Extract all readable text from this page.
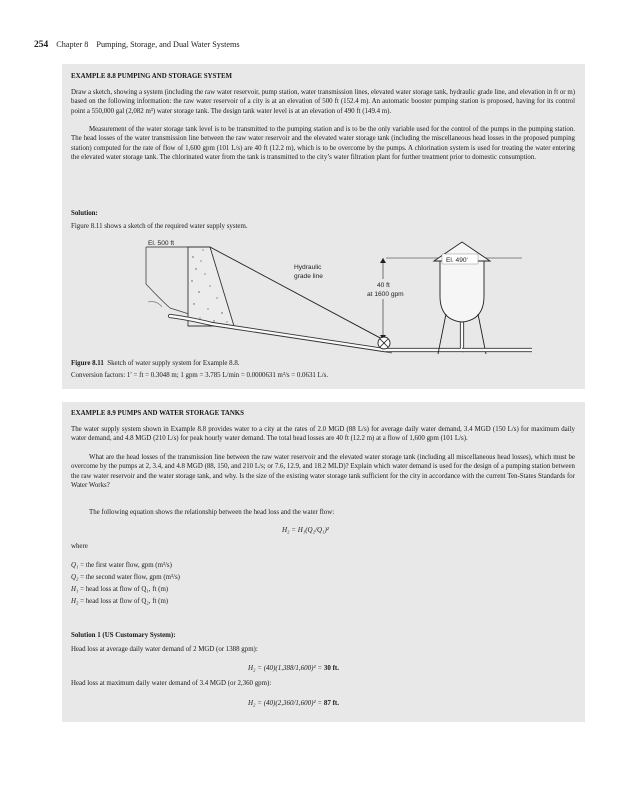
254 Chapter 8 Pumping, Storage, and Dual Water Systems
EXAMPLE 8.8 PUMPING AND STORAGE SYSTEM

Draw a sketch, showing a system (including the raw water reservoir, pump station, water transmission lines, elevated water storage tank, hydraulic grade line, and elevation in ft or m) based on the following information: the raw water reservoir of a city is at an elevation of 500 ft (152.4 m). An automatic booster pumping station is proposed, having for its control point a 550,000 gal (2,082 m³) water storage tank. The design tank water level is at an elevation of 490 ft (149.4 m).

Measurement of the water storage tank level is to be transmitted to the pumping station and is to be the only variable used for the control of the pumps in the pumping station. The head losses of the water transmission line between the raw water reservoir and the elevated water storage tank (including the miscellaneous head losses in the proposed pumping station) computed for the rate of flow of 1,600 gpm (101 L/s) are 40 ft (12.2 m), which is to be overcome by the pumps. A chlorination system is used for treating the water entering the elevated water storage tank. The chlorinated water from the tank is transmitted to the city’s water filtration plant for further treatment prior to domestic consumption.

Solution:
Figure 8.11 shows a sketch of the required water supply system.
El. 500 ft
El. 490'
Hydraulic
grade line
40 ft
at 1600 gpm
Figure 8.11 Sketch of water supply system for Example 8.8.
Conversion factors: 1′ = ft = 0.3048 m; 1 gpm = 3.785 L/min = 0.0000631 m³/s = 0.0631 L/s.
EXAMPLE 8.9 PUMPS AND WATER STORAGE TANKS

The water supply system shown in Example 8.8 provides water to a city at the rates of 2.0 MGD (88 L/s) for average daily water demand, 3.4 MGD (150 L/s) for maximum daily water demand, and 4.8 MGD (210 L/s) for peak hourly water demand. The total head losses are 40 ft (12.2 m) at a flow of 1,600 gpm (101 L/s).

What are the head losses of the transmission line between the raw water reservoir and the elevated water storage tank (including all miscellaneous head losses), which must be overcome by the pumps at 2, 3.4, and 4.8 MGD (88, 150, and 210 L/s; or 7.6, 12.9, and 18.2 MLD)? Explain which water demand is used for the design of a pumping station between the raw water reservoir and the water storage tank, and why. Is the size of the existing water storage tank sufficient for the city in accordance with the current Ten-States Standards for Water Works?

The following equation shows the relationship between the head loss and the water flow:

H₂ = H₁(Q₂/Q₁)²
where
Q₁ = the first water flow, gpm (m³/s)
Q₂ = the second water flow, gpm (m³/s)
H₁ = head loss at flow of Q₁, ft (m)
H₂ = head loss at flow of Q₂, ft (m)
Solution 1 (US Customary System):
Head loss at average daily water demand of 2 MGD (or 1388 gpm):
H₂ = (40)(1,388/1,600)² = 30 ft.
Head loss at maximum daily water demand of 3.4 MGD (or 2,360 gpm):
H₂ = (40)(2,360/1,600)² = 87 ft.
